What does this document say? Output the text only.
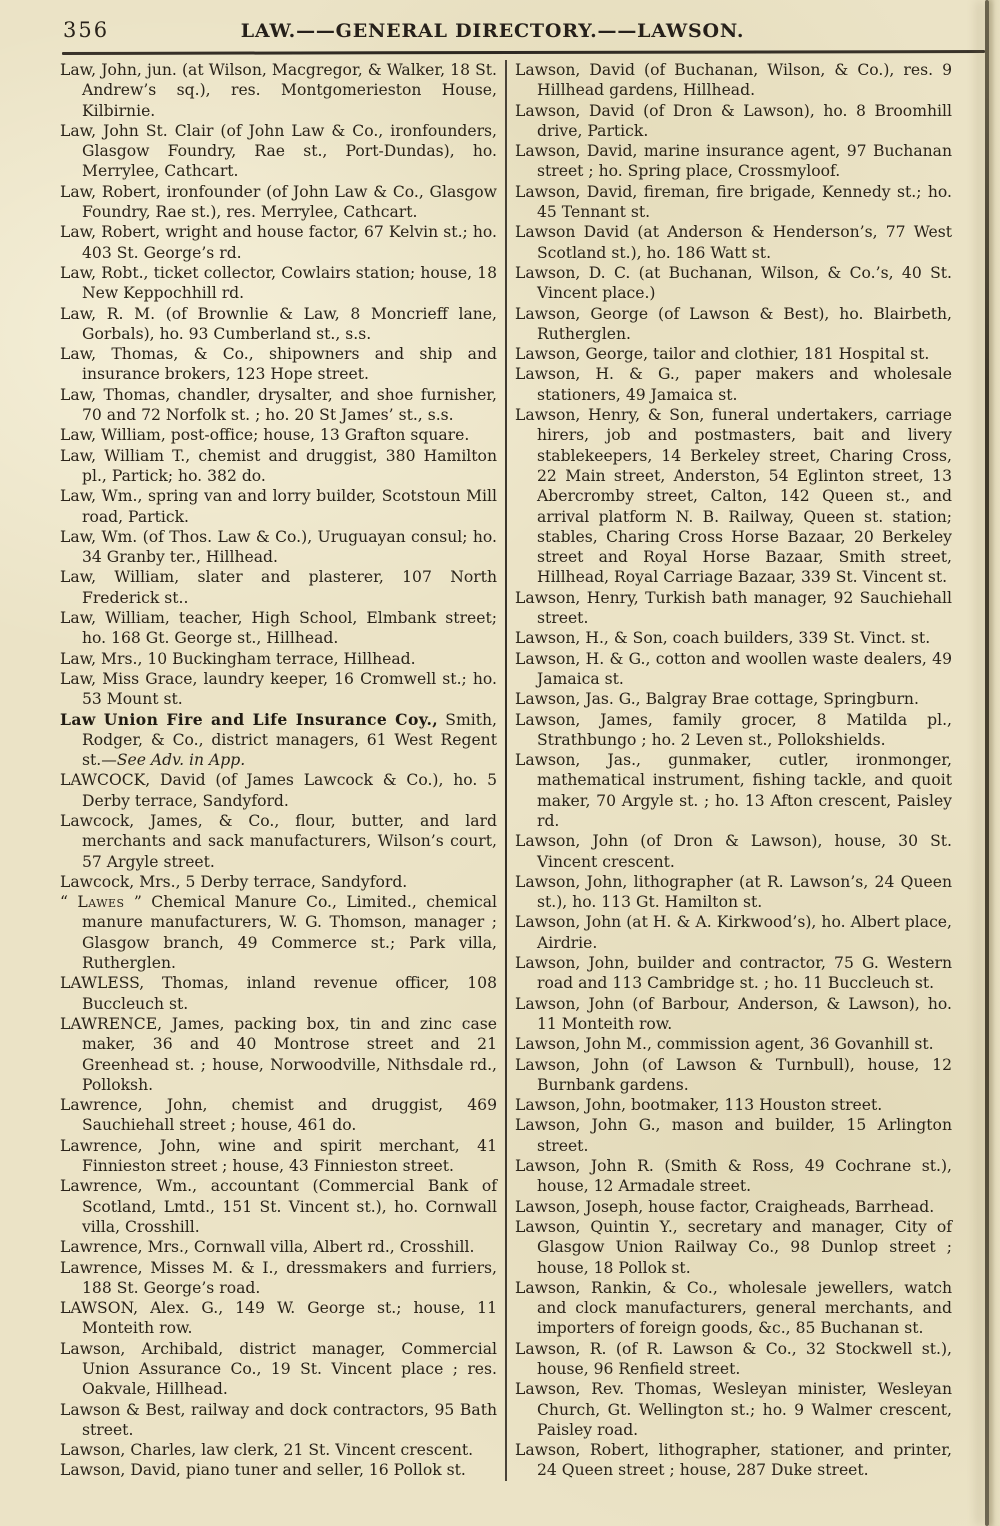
356	LAW.——GENERAL DIRECTORY.——LAWSON.

Law, John, jun. (at Wilson, Macgregor, & Walker, 18 St. Andrew’s sq.), res. Montgomerieston House, Kilbirnie.

Law, John St. Clair (of John Law & Co., ironfounders, Glasgow Foundry, Rae st., Port-Dundas), ho. Merrylee, Cathcart.

Law, Robert, ironfounder (of John Law & Co., Glasgow Foundry, Rae st.), res. Merrylee, Cathcart.

Law, Robert, wright and house factor, 67 Kelvin st.; ho. 403 St. George’s rd.

Law, Robt., ticket collector, Cowlairs station; house, 18 New Keppochhill rd.

Law, R. M. (of Brownlie & Law, 8 Moncrieff lane, Gorbals), ho. 93 Cumberland st., s.s.

Law, Thomas, & Co., shipowners and ship and insurance brokers, 123 Hope street.

Law, Thomas, chandler, drysalter, and shoe furnisher, 70 and 72 Norfolk st. ; ho. 20 St James’ st., s.s.

Law, William, post-office; house, 13 Grafton square.

Law, William T., chemist and druggist, 380 Hamilton pl., Partick; ho. 382 do.

Law, Wm., spring van and lorry builder, Scotstoun Mill road, Partick.

Law, Wm. (of Thos. Law & Co.), Uruguayan consul; ho. 34 Granby ter., Hillhead.

Law, William, slater and plasterer, 107 North Frederick st..

Law, William, teacher, High School, Elmbank street; ho. 168 Gt. George st., Hillhead.

Law, Mrs., 10 Buckingham terrace, Hillhead.

Law, Miss Grace, laundry keeper, 16 Cromwell st.; ho. 53 Mount st.

Law Union Fire and Life Insurance Coy., Smith, Rodger, & Co., district managers, 61 West Regent st.—See Adv. in App.

LAWCOCK, David (of James Lawcock & Co.), ho. 5 Derby terrace, Sandyford.

Lawcock, James, & Co., flour, butter, and lard merchants and sack manufacturers, Wilson’s court, 57 Argyle street.

Lawcock, Mrs., 5 Derby terrace, Sandyford.

“ Lawes ” Chemical Manure Co., Limited., chemical manure manufacturers, W. G. Thomson, manager ; Glasgow branch, 49 Commerce st.; Park villa, Rutherglen.

LAWLESS, Thomas, inland revenue officer, 108 Buccleuch st.

LAWRENCE, James, packing box, tin and zinc case maker, 36 and 40 Montrose street and 21 Greenhead st. ; house, Norwoodville, Nithsdale rd., Polloksh.

Lawrence, John, chemist and druggist, 469 Sauchiehall street ; house, 461 do.

Lawrence, John, wine and spirit merchant, 41 Finnieston street ; house, 43 Finnieston street.

Lawrence, Wm., accountant (Commercial Bank of Scotland, Lmtd., 151 St. Vincent st.), ho. Cornwall villa, Crosshill.

Lawrence, Mrs., Cornwall villa, Albert rd., Crosshill.

Lawrence, Misses M. & I., dressmakers and furriers, 188 St. George’s road.

LAWSON, Alex. G., 149 W. George st.; house, 11 Monteith row.

Lawson, Archibald, district manager, Commercial Union Assurance Co., 19 St. Vincent place ; res. Oakvale, Hillhead.

Lawson & Best, railway and dock contractors, 95 Bath street.

Lawson, Charles, law clerk, 21 St. Vincent crescent.

Lawson, David, piano tuner and seller, 16 Pollok st.

Lawson, David (of Buchanan, Wilson, & Co.), res. 9 Hillhead gardens, Hillhead.

Lawson, David (of Dron & Lawson), ho. 8 Broomhill drive, Partick.

Lawson, David, marine insurance agent, 97 Buchanan street ; ho. Spring place, Crossmyloof.

Lawson, David, fireman, fire brigade, Kennedy st.; ho. 45 Tennant st.

Lawson David (at Anderson & Henderson’s, 77 West Scotland st.), ho. 186 Watt st.

Lawson, D. C. (at Buchanan, Wilson, & Co.’s, 40 St. Vincent place.)

Lawson, George (of Lawson & Best), ho. Blairbeth, Rutherglen.

Lawson, George, tailor and clothier, 181 Hospital st.

Lawson, H. & G., paper makers and wholesale stationers, 49 Jamaica st.

Lawson, Henry, & Son, funeral undertakers, carriage hirers, job and postmasters, bait and livery stablekeepers, 14 Berkeley street, Charing Cross, 22 Main street, Anderston, 54 Eglinton street, 13 Abercromby street, Calton, 142 Queen st., and arrival platform N. B. Railway, Queen st. station; stables, Charing Cross Horse Bazaar, 20 Berkeley street and Royal Horse Bazaar, Smith street, Hillhead, Royal Carriage Bazaar, 339 St. Vincent st.

Lawson, Henry, Turkish bath manager, 92 Sauchiehall street.

Lawson, H., & Son, coach builders, 339 St. Vinct. st.

Lawson, H. & G., cotton and woollen waste dealers, 49 Jamaica st.

Lawson, Jas. G., Balgray Brae cottage, Springburn.

Lawson, James, family grocer, 8 Matilda pl., Strathbungo ; ho. 2 Leven st., Pollokshields.

Lawson, Jas., gunmaker, cutler, ironmonger, mathematical instrument, fishing tackle, and quoit maker, 70 Argyle st. ; ho. 13 Afton crescent, Paisley rd.

Lawson, John (of Dron & Lawson), house, 30 St. Vincent crescent.

Lawson, John, lithographer (at R. Lawson’s, 24 Queen st.), ho. 113 Gt. Hamilton st.

Lawson, John (at H. & A. Kirkwood’s), ho. Albert place, Airdrie.

Lawson, John, builder and contractor, 75 G. Western road and 113 Cambridge st. ; ho. 11 Buccleuch st.

Lawson, John (of Barbour, Anderson, & Lawson), ho. 11 Monteith row.

Lawson, John M., commission agent, 36 Govanhill st.

Lawson, John (of Lawson & Turnbull), house, 12 Burnbank gardens.

Lawson, John, bootmaker, 113 Houston street.

Lawson, John G., mason and builder, 15 Arlington street.

Lawson, John R. (Smith & Ross, 49 Cochrane st.), house, 12 Armadale street.

Lawson, Joseph, house factor, Craigheads, Barrhead.

Lawson, Quintin Y., secretary and manager, City of Glasgow Union Railway Co., 98 Dunlop street ; house, 18 Pollok st.

Lawson, Rankin, & Co., wholesale jewellers, watch and clock manufacturers, general merchants, and importers of foreign goods, &c., 85 Buchanan st.

Lawson, R. (of R. Lawson & Co., 32 Stockwell st.), house, 96 Renfield street.

Lawson, Rev. Thomas, Wesleyan minister, Wesleyan Church, Gt. Wellington st.; ho. 9 Walmer crescent, Paisley road.

Lawson, Robert, lithographer, stationer, and printer, 24 Queen street ; house, 287 Duke street.
